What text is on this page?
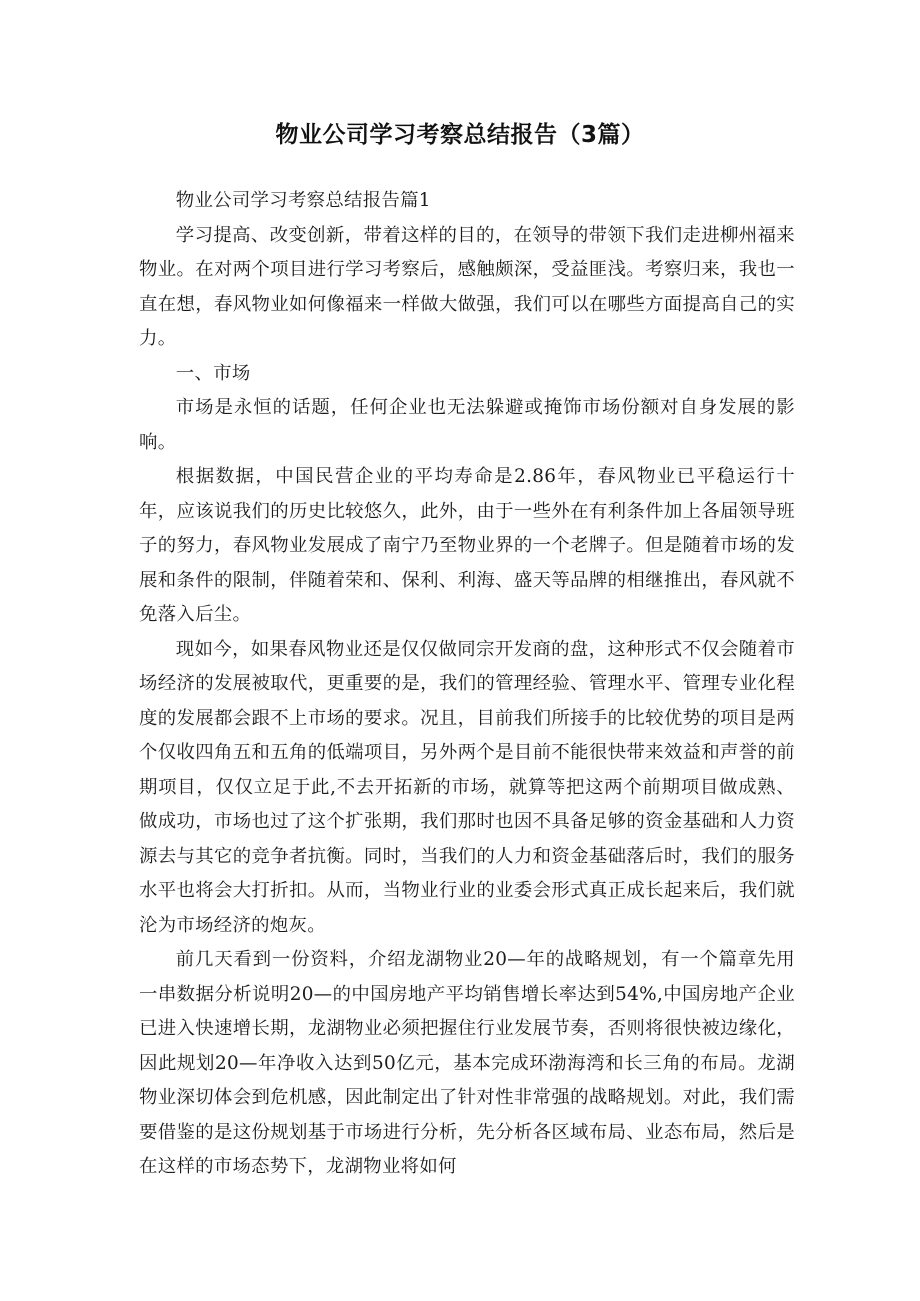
物业公司学习考察总结报告（3篇）

物业公司学习考察总结报告篇1

学习提高、改变创新，带着这样的目的，在领导的带领下我们走进柳州福来物业。在对两个项目进行学习考察后，感触颇深，受益匪浅。考察归来，我也一直在想，春风物业如何像福来一样做大做强，我们可以在哪些方面提高自己的实力。

一、市场

市场是永恒的话题，任何企业也无法躲避或掩饰市场份额对自身发展的影响。

根据数据，中国民营企业的平均寿命是2.86年，春风物业已平稳运行十年，应该说我们的历史比较悠久，此外，由于一些外在有利条件加上各届领导班子的努力，春风物业发展成了南宁乃至物业界的一个老牌子。但是随着市场的发展和条件的限制，伴随着荣和、保利、利海、盛天等品牌的相继推出，春风就不免落入后尘。

现如今，如果春风物业还是仅仅做同宗开发商的盘，这种形式不仅会随着市场经济的发展被取代，更重要的是，我们的管理经验、管理水平、管理专业化程度的发展都会跟不上市场的要求。况且，目前我们所接手的比较优势的项目是两个仅收四角五和五角的低端项目，另外两个是目前不能很快带来效益和声誉的前期项目，仅仅立足于此,不去开拓新的市场，就算等把这两个前期项目做成熟、做成功，市场也过了这个扩张期，我们那时也因不具备足够的资金基础和人力资源去与其它的竞争者抗衡。同时，当我们的人力和资金基础落后时，我们的服务水平也将会大打折扣。从而，当物业行业的业委会形式真正成长起来后，我们就沦为市场经济的炮灰。

前几天看到一份资料，介绍龙湖物业20—年的战略规划，有一个篇章先用一串数据分析说明20—的中国房地产平均销售增长率达到54%,中国房地产企业已进入快速增长期，龙湖物业必须把握住行业发展节奏，否则将很快被边缘化，因此规划20—年净收入达到50亿元，基本完成环渤海湾和长三角的布局。龙湖物业深切体会到危机感，因此制定出了针对性非常强的战略规划。对此，我们需要借鉴的是这份规划基于市场进行分析，先分析各区域布局、业态布局，然后是在这样的市场态势下，龙湖物业将如何
